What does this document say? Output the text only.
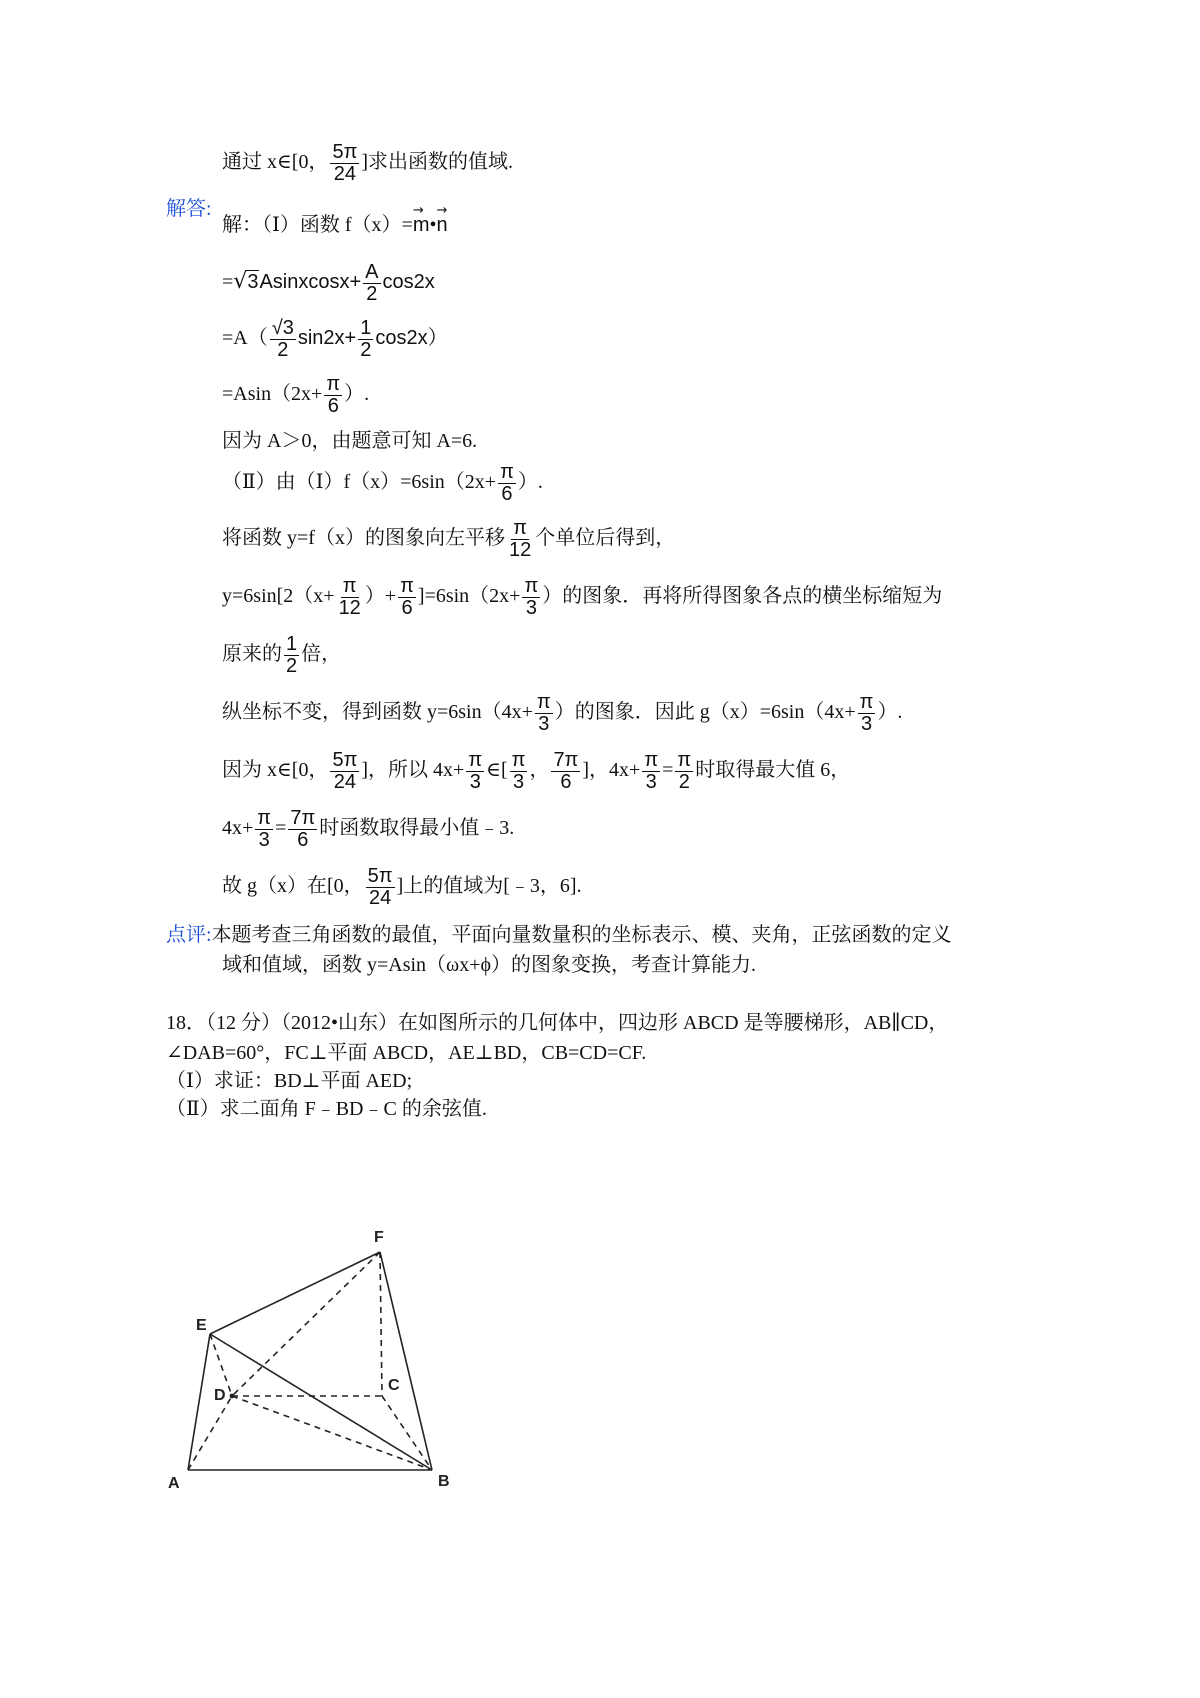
通过 x∈[0， $\frac{5\pi}{24}$ ]求出函数的值域.
解答:
解：（Ⅰ）函数 f（x）=→ m•→ n
=√3Asinxcosx+ $\frac{A}{2} \cos 2x$
$=A( \frac{√3}{2} \sin 2x+ \frac{1}{2} \cos 2x)$
$=Asin(2x+ \frac{\pi}{6}$ ）.
因为 A＞0，由题意可知 A=6.
（Ⅱ）由（Ⅰ）f（x）=6sin（2x+ $\frac{\pi}{6}$ ）.
将函数 y=f（x）的图象向左平移 $\frac{\pi}{12}$ 个单位后得到，
$y=6\sin[2(x+ \frac{\pi}{12}$ ）+ $\frac{\pi}{6} ]=6\sin(2x+ \frac{\pi}{3}$ ）的图象．再将所得图象各点的横坐标缩短为
原来的 $\frac{1}{2}$ 倍，
纵坐标不变，得到函数 $y=6\sin(4x+ \frac{\pi}{3}$ ）的图象．因此 $g(x)=6\sin(4x+ \frac{\pi}{3}$ ）.
因为 x∈[0， $\frac{5\pi}{24}$ ]，所以 $4x+ \frac{\pi}{3}$ ∈[ $\frac{\pi}{3}$ ， $\frac{7\pi}{6}$ ]，$4x+ \frac{\pi}{3} = \frac{\pi}{2}$ 时取得最大值 6，
$4x+ \frac{\pi}{3} = \frac{7\pi}{6}$ 时函数取得最小值﹣3.
故 g（x）在[0， $\frac{5\pi}{24}$ ]上的值域为[﹣3，6].
点评:本题考查三角函数的最值，平面向量数量积的坐标表示、模、夹角，正弦函数的定义
域和值域，函数 y=Asin（ωx+ϕ）的图象变换，考查计算能力.
18．（12 分）（2012•山东）在如图所示的几何体中，四边形 ABCD 是等腰梯形，AB∥CD，
∠DAB=60°，FC⊥平面 ABCD，AE⊥BD，CB=CD=CF.
（Ⅰ）求证：BD⊥平面 AED;
（Ⅱ）求二面角 F﹣BD﹣C 的余弦值.
F
E
D
C
A	B
